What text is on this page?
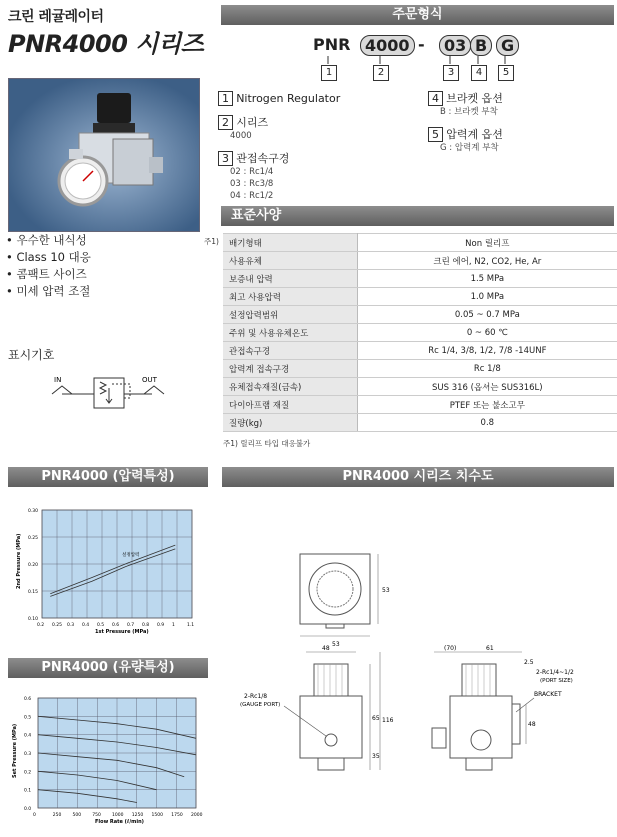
크린 레귤레이터
PNR4000 시리즈
• 우수한 내식성
• Class 10 대응
• 콤팩트 사이즈
• 미세 압력 조절
표시기호
IN	OUT
주문형식
PNR 4000 -	03 B G
1	2	3	4	5
1 Nitrogen Regulator
2 시리즈
4000
3 관접속구경
02 : Rc1/4
03 : Rc3/8
04 : Rc1/2
4 브라켓 옵션
B : 브라켓 부착
5 압력계 옵션
G : 압력계 부착
표준사양
주1) 배기형태	Non 릴리프
사용유체	크린 에어, N2, CO2, He, Ar
보증내 압력	1.5 MPa
최고 사용압력	1.0 MPa
설정압력범위	0.05 ~ 0.7 MPa
주위 및 사용유체온도	0 ~ 60 ℃
관접속구경	Rc 1/4, 3/8, 1/2, 7/8 -14UNF
압력계 접속구경	Rc 1/8
유체접속재질(금속)	SUS 316 (옵셔는 SUS316L)
다이아프램 재질	PTEF 또는 불소고무
질량(kg)	0.8
주1) 릴리프 타입 대응불가
PNR4000 (압력특성)
0.2 0.25 0.3 0.4 0.5 0.6 0.7 0.8 0.9 1	1.1
0.30
0.25
0.20
0.15
0.10
1st Pressure (MPa)
2nd Pressure (MPa)	설정압력
PNR4000 (유량특성)
0	250 500 750 1000 1250 1500 1750 2000
0.6
0.5
0.4
0.3
0.2
0.1
0.0
Flow Rate (ℓ/min)
Set Pressure (MPa)
PNR4000 시리즈 치수도
53
53
48
2-Rc1/8
(GAUGE PORT)
65
35
116
(70)	61
2.5
2-Rc1/4~1/2
(PORT SIZE)
BRACKET
48
